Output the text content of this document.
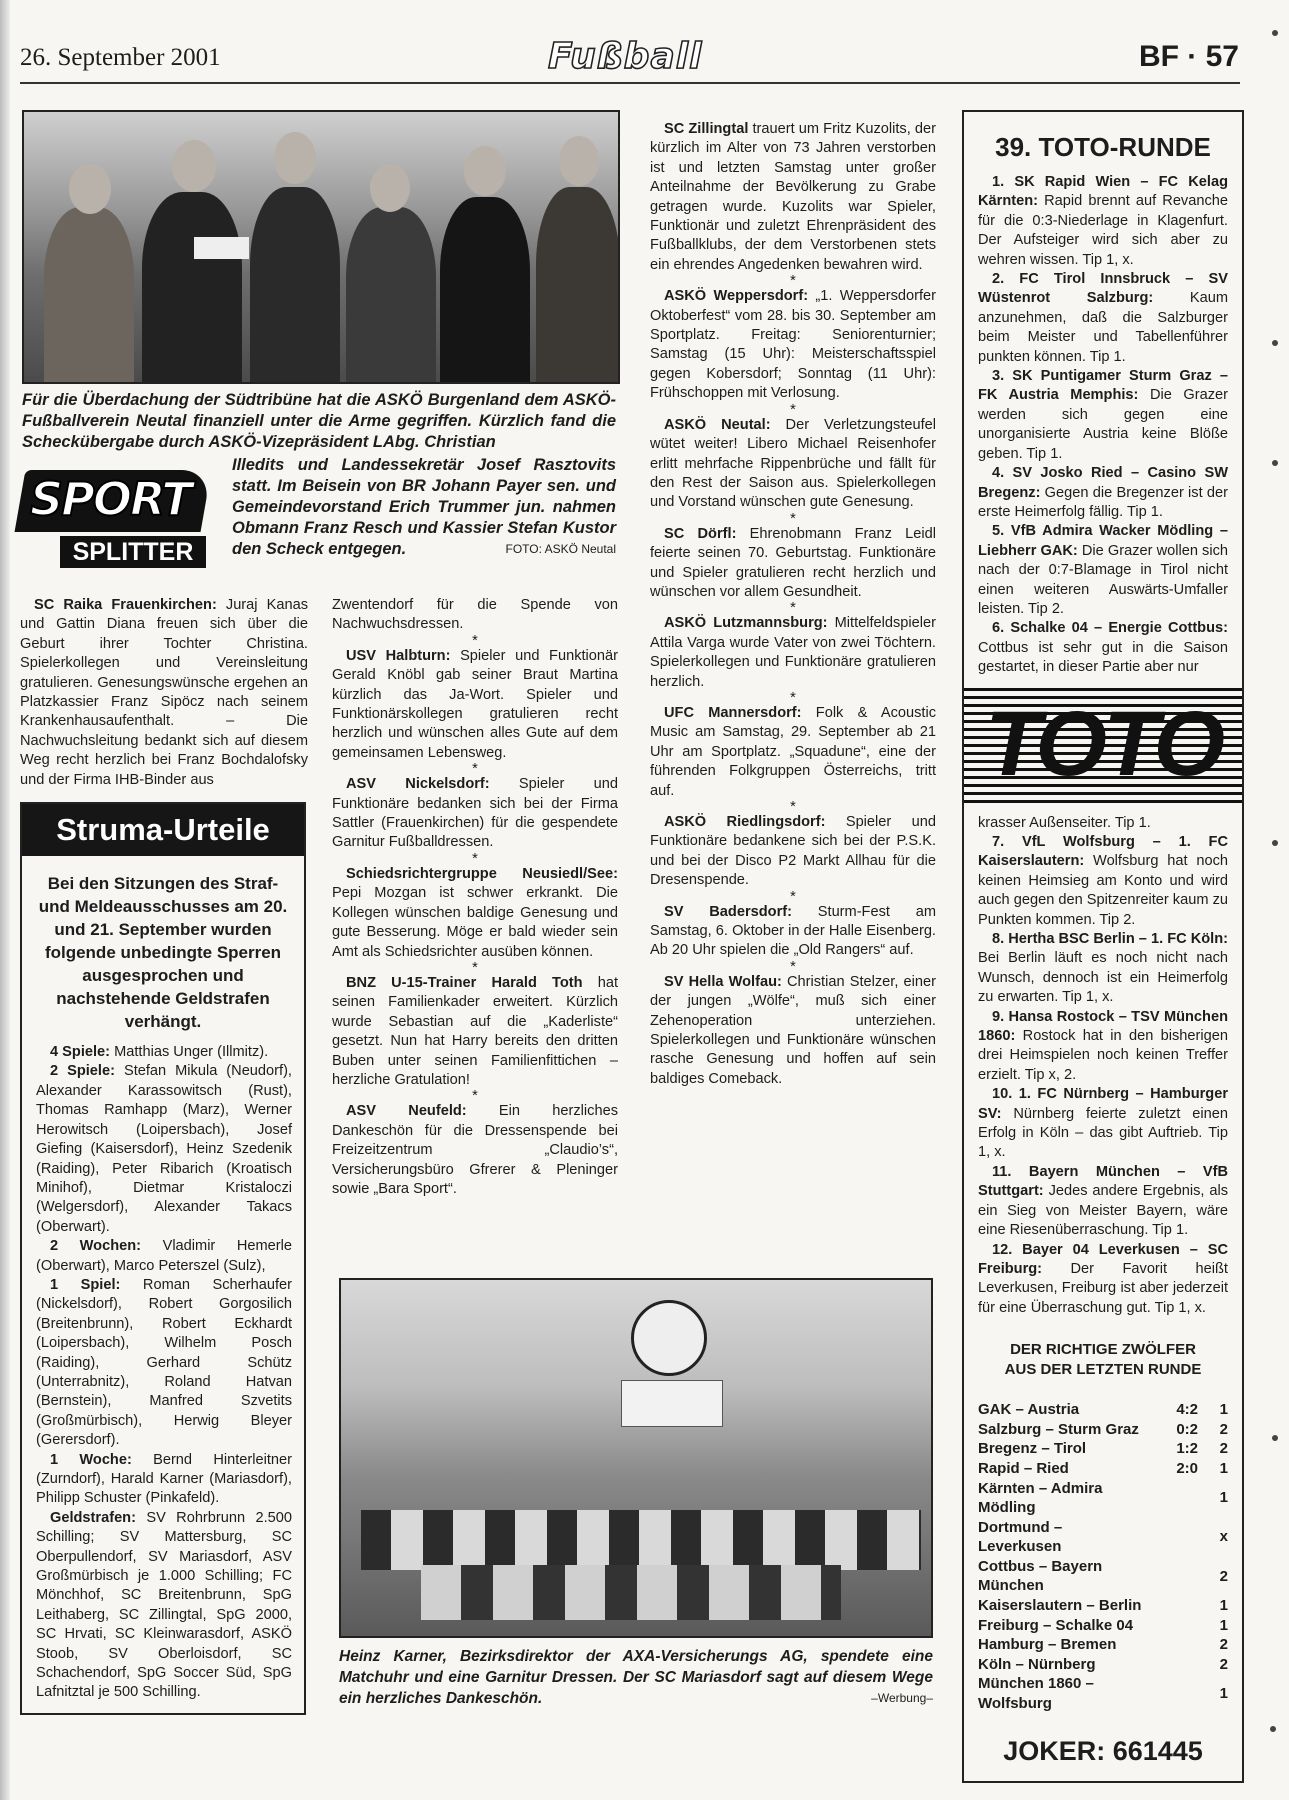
26. September 2001	Fußball	BF · 57
Für die Überdachung der Südtribüne hat die ASKÖ Burgenland dem ASKÖ-Fußballverein Neutal finanziell unter die Arme gegriffen. Kürzlich fand die Scheckübergabe durch ASKÖ-Vizepräsident LAbg. Christian
Illedits und Landessekretär Josef Rasztovits statt. Im Beisein von BR Johann Payer sen. und Gemeindevorstand Erich Trummer jun. nahmen Obmann Franz Resch und Kassier Stefan Kustor den Scheck entgegen.	FOTO: ASKÖ Neutal
SPORT
SPLITTER

SC Raika Frauenkirchen: Juraj Kanas und Gattin Diana freuen sich über die Geburt ihrer Tochter Christina. Spielerkollegen und Vereinsleitung gratulieren. Genesungswünsche ergehen an Platzkassier Franz Sipöcz nach seinem Krankenhausaufenthalt. – Die Nachwuchsleitung bedankt sich auf diesem Weg recht herzlich bei Franz Bochdalofsky und der Firma IHB-Binder aus

Struma-Urteile
Bei den Sitzungen des Straf- und Meldeausschusses am 20. und 21. September wurden folgende unbedingte Sperren ausgesprochen und nachstehende Geldstrafen verhängt.

4 Spiele: Matthias Unger (Illmitz).

2 Spiele: Stefan Mikula (Neudorf), Alexander Karassowitsch (Rust), Thomas Ramhapp (Marz), Werner Herowitsch (Loipersbach), Josef Giefing (Kaisersdorf), Heinz Szedenik (Raiding), Peter Ribarich (Kroatisch Minihof), Dietmar Kristaloczi (Welgersdorf), Alexander Takacs (Oberwart).

2 Wochen: Vladimir Hemerle (Oberwart), Marco Peterszel (Sulz),

1 Spiel: Roman Scherhaufer (Nickelsdorf), Robert Gorgosilich (Breitenbrunn), Robert Eckhardt (Loipersbach), Wilhelm Posch (Raiding), Gerhard Schütz (Unterrabnitz), Roland Hatvan (Bernstein), Manfred Szvetits (Großmürbisch), Herwig Bleyer (Gerersdorf).

1 Woche: Bernd Hinterleitner (Zurndorf), Harald Karner (Mariasdorf), Philipp Schuster (Pinkafeld).

Geldstrafen: SV Rohrbrunn 2.500 Schilling; SV Mattersburg, SC Oberpullendorf, SV Mariasdorf, ASV Großmürbisch je 1.000 Schilling; FC Mönchhof, SC Breitenbrunn, SpG Leithaberg, SC Zillingtal, SpG 2000, SC Hrvati, SC Kleinwarasdorf, ASKÖ Stoob, SV Oberloisdorf, SC Schachendorf, SpG Soccer Süd, SpG Lafnitztal je 500 Schilling.

Zwentendorf für die Spende von Nachwuchsdressen.

*

USV Halbturn: Spieler und Funktionär Gerald Knöbl gab seiner Braut Martina kürzlich das Ja-Wort. Spieler und Funktionärskollegen gratulieren recht herzlich und wünschen alles Gute auf dem gemeinsamen Lebensweg.

*

ASV Nickelsdorf: Spieler und Funktionäre bedanken sich bei der Firma Sattler (Frauenkirchen) für die gespendete Garnitur Fußballdressen.

*

Schiedsrichtergruppe Neusiedl/See: Pepi Mozgan ist schwer erkrankt. Die Kollegen wünschen baldige Genesung und gute Besserung. Möge er bald wieder sein Amt als Schiedsrichter ausüben können.

*

BNZ U-15-Trainer Harald Toth hat seinen Familienkader erweitert. Kürzlich wurde Sebastian auf die „Kaderliste“ gesetzt. Nun hat Harry bereits den dritten Buben unter seinen Familienfittichen – herzliche Gratulation!

*

ASV Neufeld: Ein herzliches Dankeschön für die Dressenspende bei Freizeitzentrum „Claudio’s“, Versicherungsbüro Gfrerer & Pleninger sowie „Bara Sport“.

SC Zillingtal trauert um Fritz Kuzolits, der kürzlich im Alter von 73 Jahren verstorben ist und letzten Samstag unter großer Anteilnahme der Bevölkerung zu Grabe getragen wurde. Kuzolits war Spieler, Funktionär und zuletzt Ehrenpräsident des Fußballklubs, der dem Verstorbenen stets ein ehrendes Angedenken bewahren wird.

*

ASKÖ Weppersdorf: „1. Weppersdorfer Oktoberfest“ vom 28. bis 30. September am Sportplatz. Freitag: Seniorenturnier; Samstag (15 Uhr): Meisterschaftsspiel gegen Kobersdorf; Sonntag (11 Uhr): Frühschoppen mit Verlosung.

*

ASKÖ Neutal: Der Verletzungsteufel wütet weiter! Libero Michael Reisenhofer erlitt mehrfache Rippenbrüche und fällt für den Rest der Saison aus. Spielerkollegen und Vorstand wünschen gute Genesung.

*

SC Dörfl: Ehrenobmann Franz Leidl feierte seinen 70. Geburtstag. Funktionäre und Spieler gratulieren recht herzlich und wünschen vor allem Gesundheit.

*

ASKÖ Lutzmannsburg: Mittelfeldspieler Attila Varga wurde Vater von zwei Töchtern. Spielerkollegen und Funktionäre gratulieren herzlich.

*

UFC Mannersdorf: Folk & Acoustic Music am Samstag, 29. September ab 21 Uhr am Sportplatz. „Squadune“, eine der führenden Folkgruppen Österreichs, tritt auf.

*

ASKÖ Riedlingsdorf: Spieler und Funktionäre bedankene sich bei der P.S.K. und bei der Disco P2 Markt Allhau für die Dresenspende.

*

SV Badersdorf: Sturm-Fest am Samstag, 6. Oktober in der Halle Eisenberg. Ab 20 Uhr spielen die „Old Rangers“ auf.

*

SV Hella Wolfau: Christian Stelzer, einer der jungen „Wölfe“, muß sich einer Zehenoperation unterziehen. Spielerkollegen und Funktionäre wünschen rasche Genesung und hoffen auf sein baldiges Comeback.

39. TOTO-RUNDE

1. SK Rapid Wien – FC Kelag Kärnten: Rapid brennt auf Revanche für die 0:3-Niederlage in Klagenfurt. Der Aufsteiger wird sich aber zu wehren wissen. Tip 1, x.

2. FC Tirol Innsbruck – SV Wüstenrot Salzburg: Kaum anzunehmen, daß die Salzburger beim Meister und Tabellenführer punkten können. Tip 1.

3. SK Puntigamer Sturm Graz – FK Austria Memphis: Die Grazer werden sich gegen eine unorganisierte Austria keine Blöße geben. Tip 1.

4. SV Josko Ried – Casino SW Bregenz: Gegen die Bregenzer ist der erste Heimerfolg fällig. Tip 1.

5. VfB Admira Wacker Mödling – Liebherr GAK: Die Grazer wollen sich nach der 0:7-Blamage in Tirol nicht einen weiteren Auswärts-Umfaller leisten. Tip 2.

6. Schalke 04 – Energie Cottbus: Cottbus ist sehr gut in die Saison gestartet, in dieser Partie aber nur

TOTO

krasser Außenseiter. Tip 1.

7. VfL Wolfsburg – 1. FC Kaiserslautern: Wolfsburg hat noch keinen Heimsieg am Konto und wird auch gegen den Spitzenreiter kaum zu Punkten kommen. Tip 2.

8. Hertha BSC Berlin – 1. FC Köln: Bei Berlin läuft es noch nicht nach Wunsch, dennoch ist ein Heimerfolg zu erwarten. Tip 1, x.

9. Hansa Rostock – TSV München 1860: Rostock hat in den bisherigen drei Heimspielen noch keinen Treffer erzielt. Tip x, 2.

10. 1. FC Nürnberg – Hamburger SV: Nürnberg feierte zuletzt einen Erfolg in Köln – das gibt Auftrieb. Tip 1, x.

11. Bayern München – VfB Stuttgart: Jedes andere Ergebnis, als ein Sieg von Meister Bayern, wäre eine Riesenüberraschung. Tip 1.

12. Bayer 04 Leverkusen – SC Freiburg: Der Favorit heißt Leverkusen, Freiburg ist aber jederzeit für eine Überraschung gut. Tip 1, x.

DER RICHTIGE ZWÖLFER
AUS DER LETZTEN RUNDE
GAK – Austria	4:2	1
Salzburg – Sturm Graz	0:2	2
Bregenz – Tirol	1:2	2
Rapid – Ried	2:0	1
Kärnten – Admira Mödling		1
Dortmund – Leverkusen		x
Cottbus – Bayern München		2
Kaiserslautern – Berlin		1
Freiburg – Schalke 04		1
Hamburg – Bremen		2
Köln – Nürnberg		2
München 1860 – Wolfsburg		1
JOKER: 661445
Heinz Karner, Bezirksdirektor der AXA-Versicherungs AG, spendete eine Matchuhr und eine Garnitur Dressen. Der SC Mariasdorf sagt auf diesem Wege ein herzliches Dankeschön.	–Werbung–
